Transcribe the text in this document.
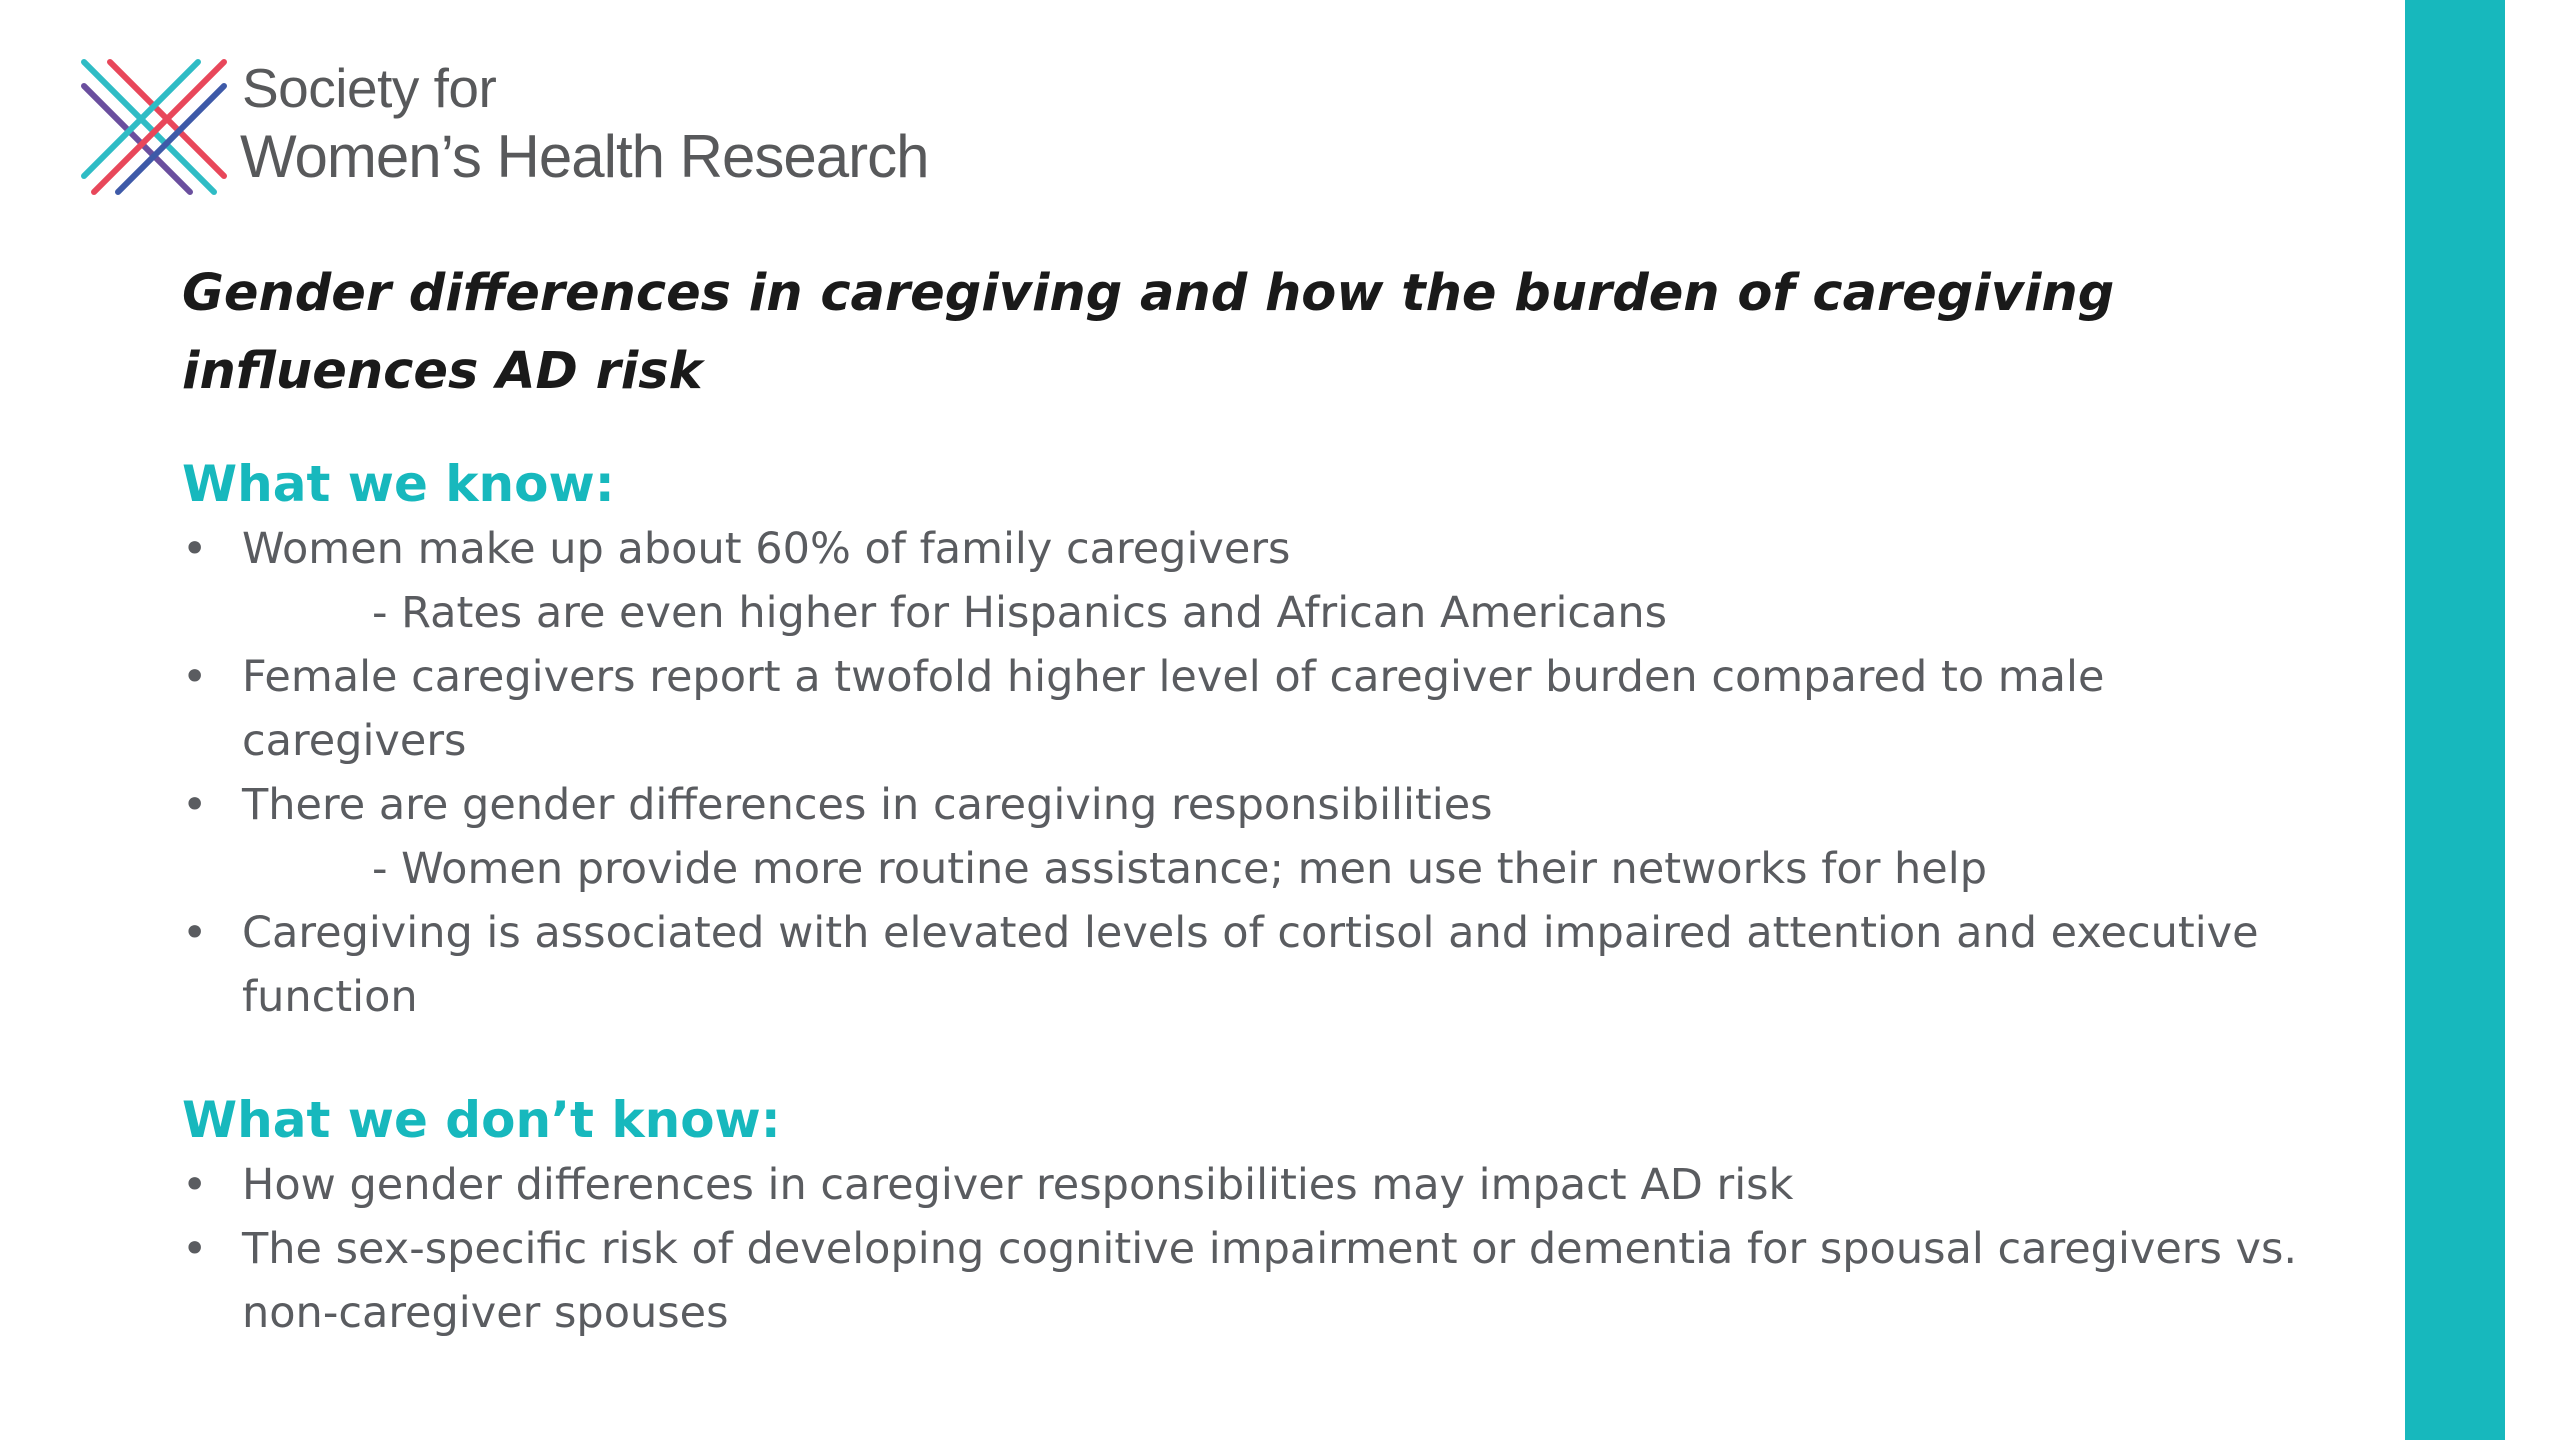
Society for
Women’s Health Research
Gender differences in caregiving and how the burden of caregiving influences AD risk
What we know:
• Women make up about 60% of family caregivers
- Rates are even higher for Hispanics and African Americans
• Female caregivers report a twofold higher level of caregiver burden compared to male caregivers
• There are gender differences in caregiving responsibilities
- Women provide more routine assistance; men use their networks for help
• Caregiving is associated with elevated levels of cortisol and impaired attention and executive function
What we don’t know:
• How gender differences in caregiver responsibilities may impact AD risk
• The sex-specific risk of developing cognitive impairment or dementia for spousal caregivers vs. non-caregiver spouses
